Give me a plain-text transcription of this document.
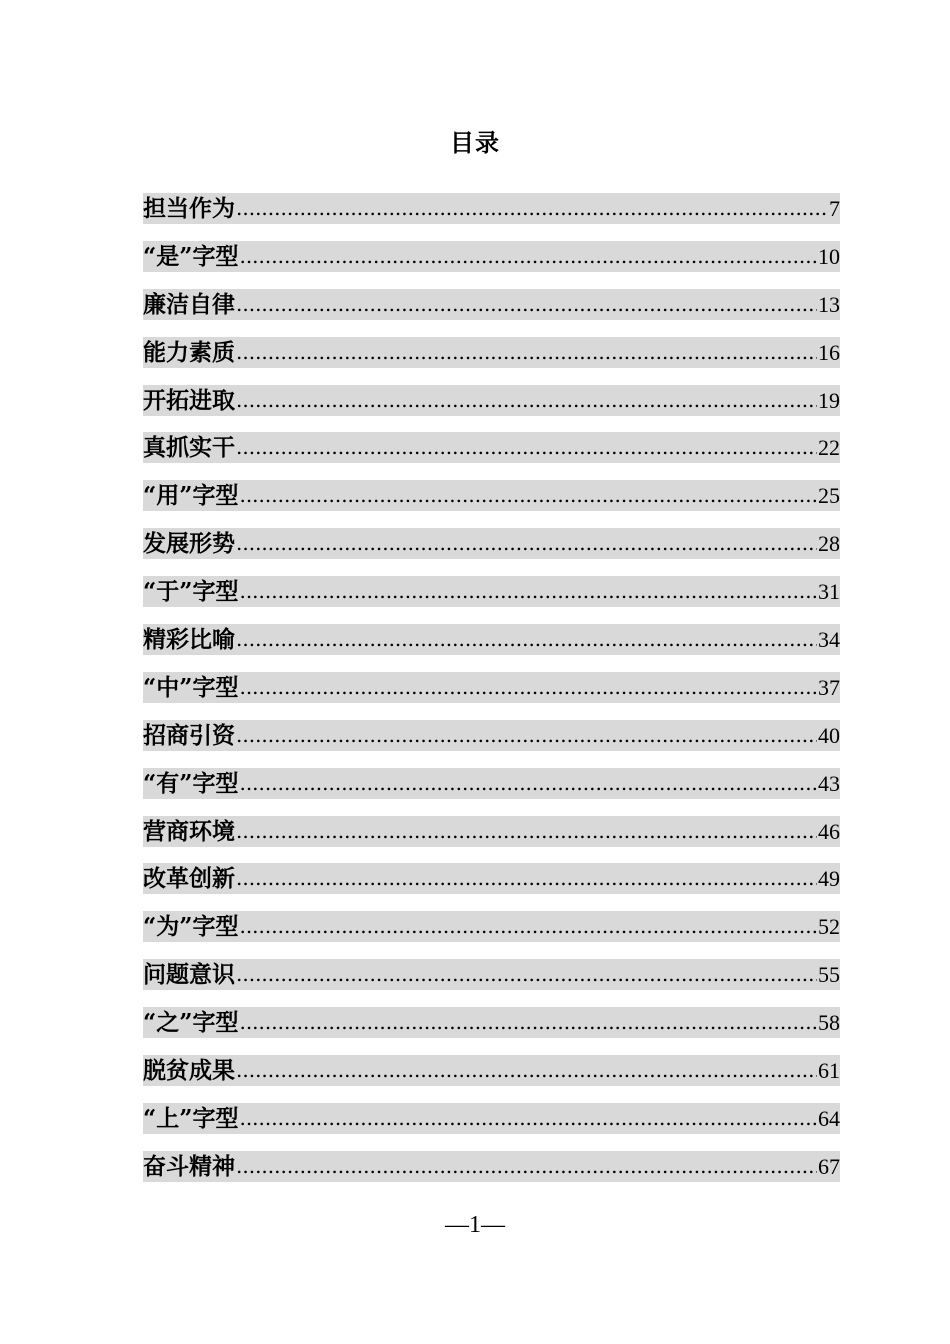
目录
担当作为 .....	7
“是”字型 .....	10
廉洁自律 .....	13
能力素质 .....	16
开拓进取 .....	19
真抓实干 .....	22
“用”字型 .....	25
发展形势 .....	28
“于”字型 .....	31
精彩比喻 .....	34
“中”字型 .....	37
招商引资 .....	40
“有”字型 .....	43
营商环境 .....	46
改革创新 .....	49
“为”字型 .....	52
问题意识 .....	55
“之”字型 .....	58
脱贫成果 .....	61
“上”字型 .....	64
奋斗精神 .....	67
—1—
